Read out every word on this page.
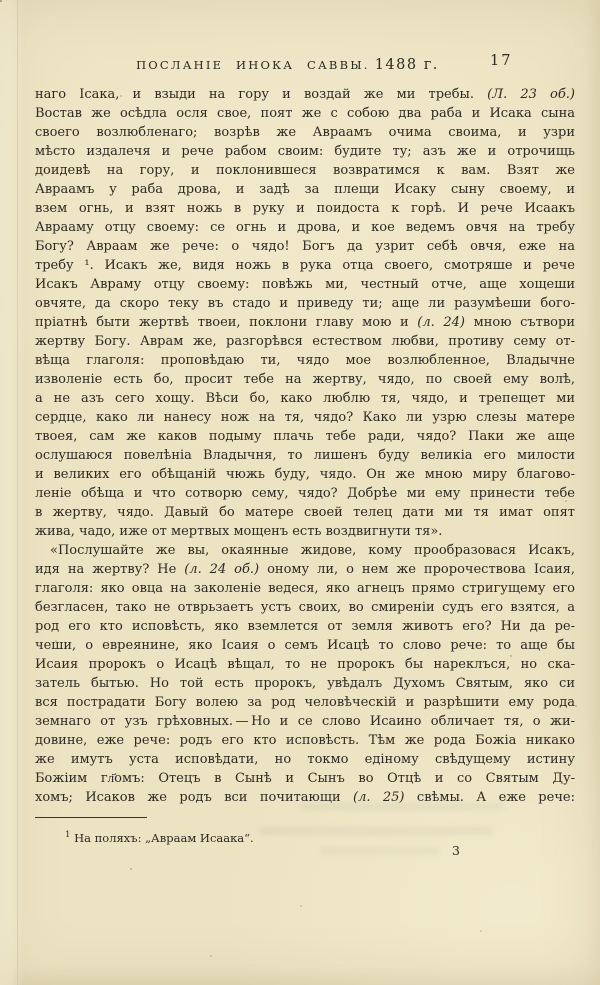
ПОСЛАНІЕ ИНОКА САВВЫ. 1488 г.	17
наго Ісака, и взыди на гору и воздай же ми требы. (Л. 23 об.)
Востав же осѣдла осля свое, поят же с собою два раба и Исака сына
своего возлюбленаго; возрѣв же Авраамъ очима своима, и узри
мѣсто издалечя и рече рабом своим: будите ту; азъ же и отрочищь
доидевѣ на гору, и поклонившеся возвратимся к вам. Взят же
Авраамъ у раба дрова, и задѣ за плещи Исаку сыну своему, и
взем огнь, и взят ножь в руку и поидоста к горѣ. И рече Исаакъ
Аврааму отцу своему: се огнь и дрова, и кое ведемъ овчя на требу
Богу? Авраам же рече: о чядо! Богъ да узрит себѣ овчя, еже на
требу ¹. Исакъ же, видя ножь в рука отца своего, смотряше и рече
Исакъ Авраму отцу своему: повѣжь ми, честный отче, аще хощеши
овчяте, да скоро теку въ стадо и приведу ти; аще ли разумѣеши бого-
пріатнѣ быти жертвѣ твоеи, поклони главу мою и (л. 24) мною сътвори
жертву Богу. Аврам же, разгорѣвся естеством любви, противу сему от-
вѣща глаголя: проповѣдаю ти, чядо мое возлюбленное, Владычне
изволеніе есть бо, просит тебе на жертву, чядо, по своей ему волѣ,
а не азъ сего хощу. Вѣси бо, како люблю тя, чядо, и трепещет ми
сердце, како ли нанесу нож на тя, чядо? Како ли узрю слезы матере
твоея, сам же каков подыму плачь тебе ради, чядо? Паки же аще
ослушаюся повелѣніа Владычня, то лишенъ буду великіа его милости
и великих его обѣщаній чюжь буду, чядо. Он же мною миру благово-
леніе обѣща и что сотворю сему, чядо? Добрѣе ми ему принести тебе
в жертву, чядо. Давый бо матере своей телец дати ми тя имат опят
жива, чадо, иже от мертвых мощенъ есть воздвигнути тя».
«Послушайте же вы, окаянные жидове, кому прообразовася Исакъ,
идя на жертву? Не (л. 24 об.) оному ли, о нем же пророчествова Ісаия,
глаголя: яко овца на заколеніе ведеся, яко агнецъ прямо стригущему его
безгласен, тако не отврьзаетъ устъ своих, во смиреніи судъ его взятся, а
род его кто исповѣсть, яко вземлется от земля животъ его? Ни да ре-
чеши, о евреянине, яко Ісаия о семъ Исацѣ то слово рече: то аще бы
Исаия пророкъ о Исацѣ вѣщал, то не пророкъ бы нареклъся, но ска-
затель бытью. Но той есть пророкъ, увѣдалъ Духомъ Святым, яко си
вся пострадати Богу волею за род человѣческій и разрѣшити ему рода
земнаго от узъ грѣховных. — Но и се слово Исаино обличает тя, о жи-
довине, еже рече: родъ его кто исповѣсть. Тѣм же рода Божіа никако
же имутъ уста исповѣдати, но токмо едіному свѣдущему истину
Божіим гл҃омъ: Отецъ в Сынѣ и Сынъ во Отцѣ и со Святым Ду-
хомъ; Исаков же родъ вси почитающи (л. 25) свѣмы. А еже рече:
$^1$ На поляхъ: „Авраам Исаака“.
3
